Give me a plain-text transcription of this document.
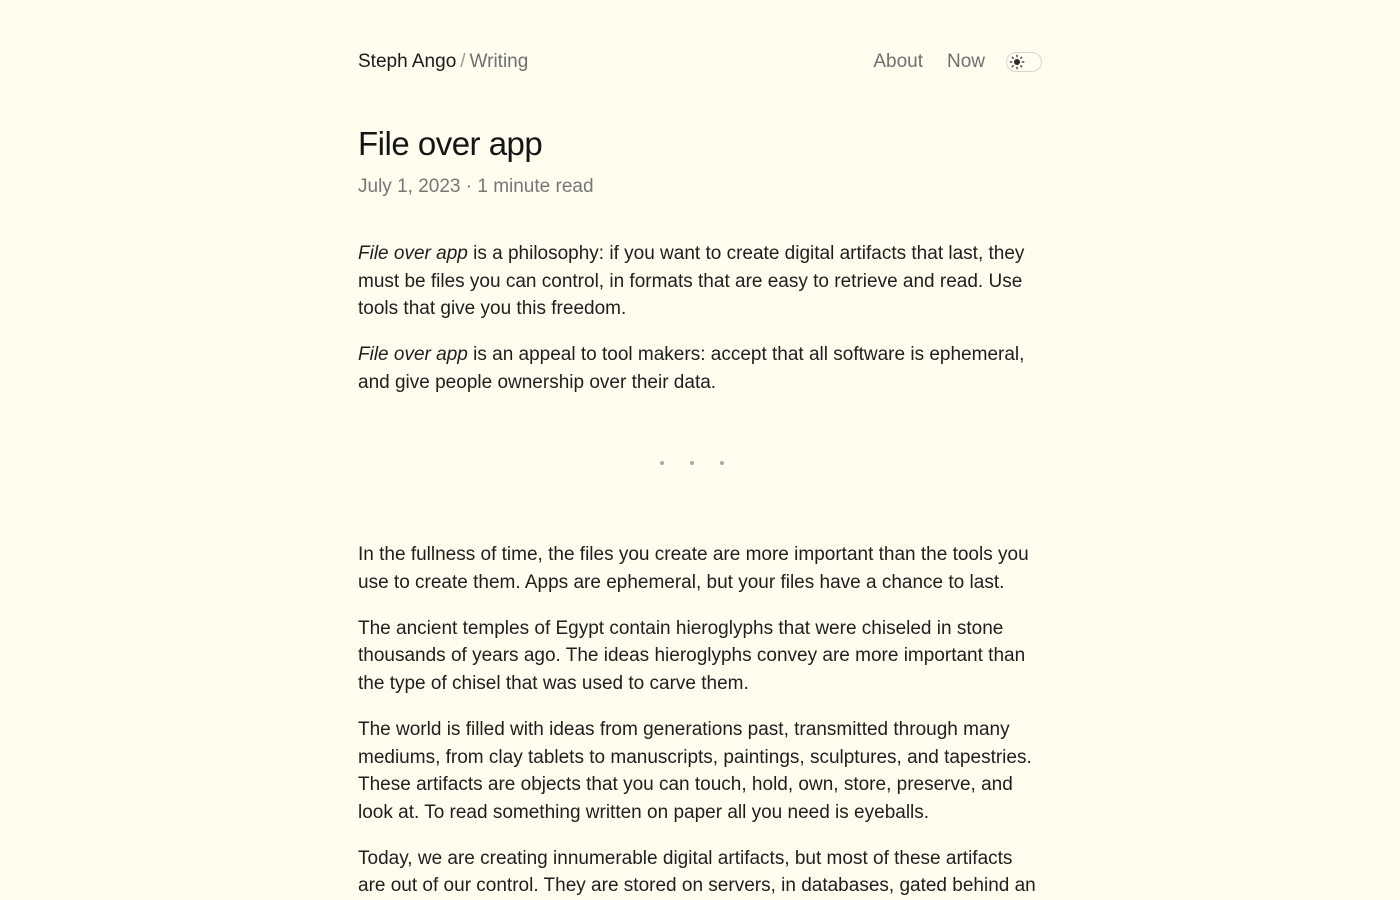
Steph Ango / Writing	About Now
File over app
July 1, 2023 · 1 minute read

File over app is a philosophy: if you want to create digital artifacts that last, they must be files you can control, in formats that are easy to retrieve and read. Use tools that give you this freedom.

File over app is an appeal to tool makers: accept that all software is ephemeral, and give people ownership over their data.

In the fullness of time, the files you create are more important than the tools you use to create them. Apps are ephemeral, but your files have a chance to last.

The ancient temples of Egypt contain hieroglyphs that were chiseled in stone thousands of years ago. The ideas hieroglyphs convey are more important than the type of chisel that was used to carve them.

The world is filled with ideas from generations past, transmitted through many mediums, from clay tablets to manuscripts, paintings, sculptures, and tapestries. These artifacts are objects that you can touch, hold, own, store, preserve, and look at. To read something written on paper all you need is eyeballs.

Today, we are creating innumerable digital artifacts, but most of these artifacts are out of our control. They are stored on servers, in databases, gated behind an
